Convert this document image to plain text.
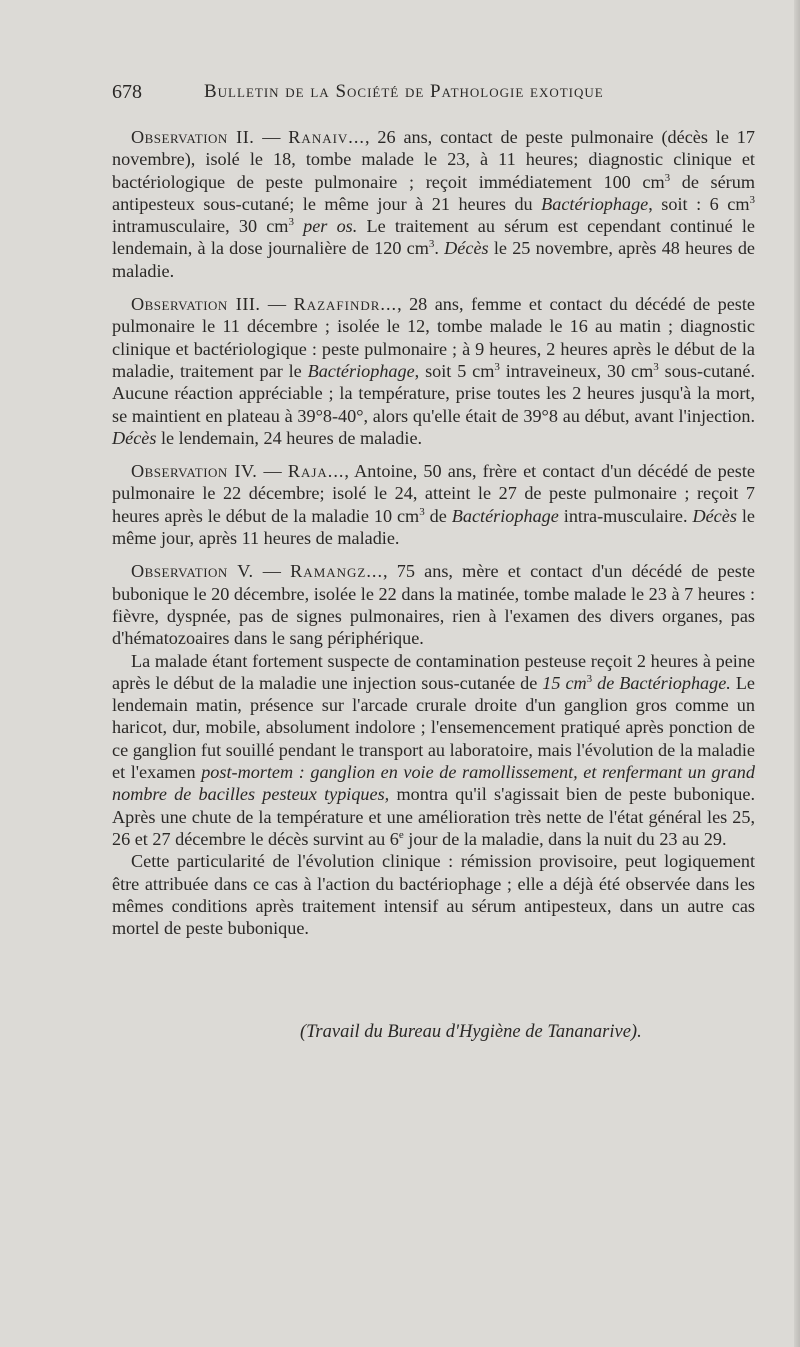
678	Bulletin de la Société de Pathologie exotique

Observation II. — Ranaiv..., 26 ans, contact de peste pulmonaire (décès le 17 novembre), isolé le 18, tombe malade le 23, à 11 heures; diagnostic clinique et bactériologique de peste pulmonaire ; reçoit immédiatement 100 $cm^3$ de sérum antipesteux sous-cutané; le même jour à 21 heures du Bactériophage, soit : 6 $cm^3$ intramusculaire, 30 $cm^3$ per os. Le traitement au sérum est cependant continué le lendemain, à la dose journalière de 120 $cm^3$. Décès le 25 novembre, après 48 heures de maladie.

Observation III. — Razafindr..., 28 ans, femme et contact du décédé de peste pulmonaire le 11 décembre ; isolée le 12, tombe malade le 16 au matin ; diagnostic clinique et bactériologique : peste pulmonaire ; à 9 heures, 2 heures après le début de la maladie, traitement par le Bactériophage, soit 5 $cm^3$ intraveineux, 30 $cm^3$ sous-cutané. Aucune réaction appréciable ; la température, prise toutes les 2 heures jusqu'à la mort, se maintient en plateau à 39°8-40°, alors qu'elle était de 39°8 au début, avant l'injection. Décès le lendemain, 24 heures de maladie.

Observation IV. — Raja..., Antoine, 50 ans, frère et contact d'un décédé de peste pulmonaire le 22 décembre; isolé le 24, atteint le 27 de peste pulmonaire ; reçoit 7 heures après le début de la maladie 10 $cm^3$ de Bactériophage intra-musculaire. Décès le même jour, après 11 heures de maladie.

Observation V. — Ramangz..., 75 ans, mère et contact d'un décédé de peste bubonique le 20 décembre, isolée le 22 dans la matinée, tombe malade le 23 à 7 heures : fièvre, dyspnée, pas de signes pulmonaires, rien à l'examen des divers organes, pas d'hématozoaires dans le sang périphérique.

La malade étant fortement suspecte de contamination pesteuse reçoit 2 heures à peine après le début de la maladie une injection sous-cutanée de 15 $cm^3$ de Bactériophage. Le lendemain matin, présence sur l'arcade crurale droite d'un ganglion gros comme un haricot, dur, mobile, absolument indolore ; l'ensemencement pratiqué après ponction de ce ganglion fut souillé pendant le transport au laboratoire, mais l'évolution de la maladie et l'examen post-mortem : ganglion en voie de ramollissement, et renfermant un grand nombre de bacilles pesteux typiques, montra qu'il s'agissait bien de peste bubonique. Après une chute de la température et une amélioration très nette de l'état général les 25, 26 et 27 décembre le décès survint au 6e jour de la maladie, dans la nuit du 23 au 29.

Cette particularité de l'évolution clinique : rémission provisoire, peut logiquement être attribuée dans ce cas à l'action du bactériophage ; elle a déjà été observée dans les mêmes conditions après traitement intensif au sérum antipesteux, dans un autre cas mortel de peste bubonique.

(Travail du Bureau d'Hygiène de Tananarive).
